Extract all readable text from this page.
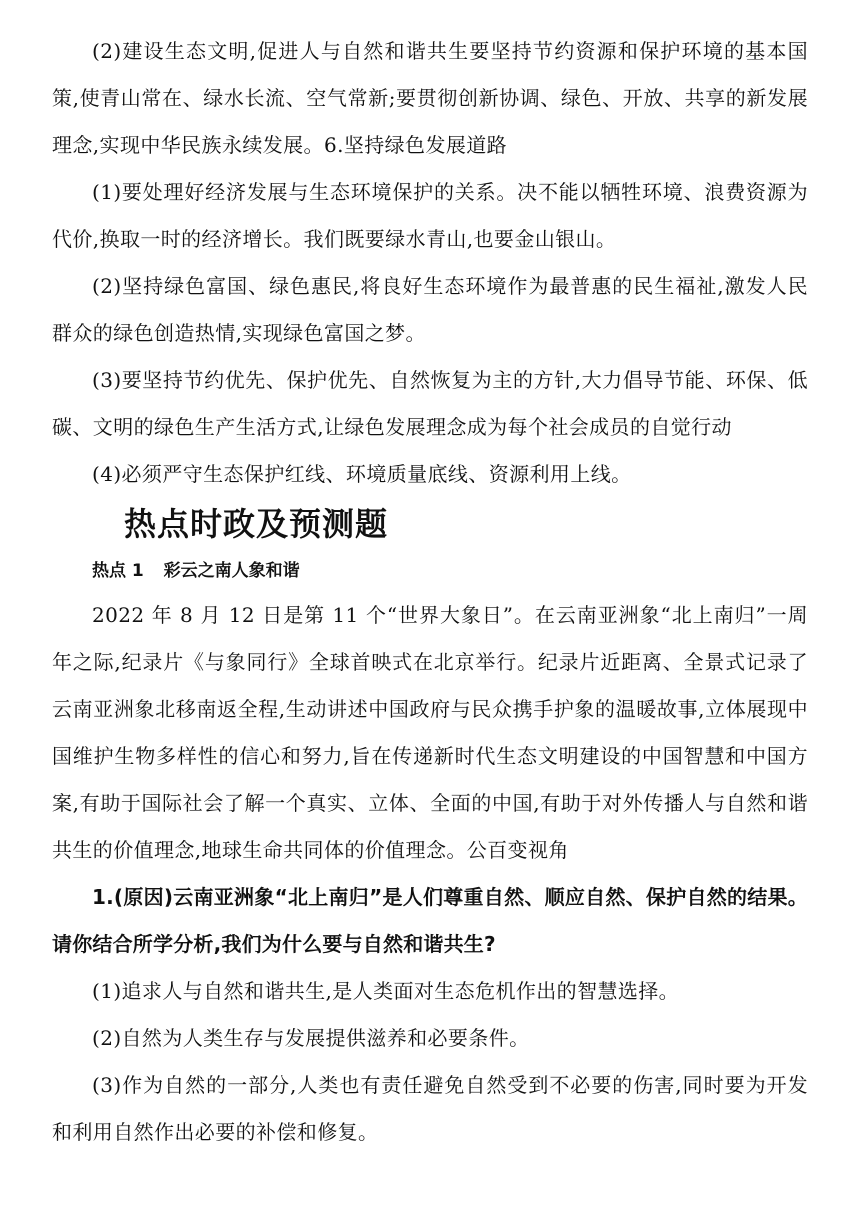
(2)建设生态文明,促进人与自然和谐共生要坚持节约资源和保护环境的基本国策,使青山常在、绿水长流、空气常新;要贯彻创新协调、绿色、开放、共享的新发展理念,实现中华民族永续发展。6.坚持绿色发展道路

(1)要处理好经济发展与生态环境保护的关系。决不能以牺牲环境、浪费资源为代价,换取一时的经济增长。我们既要绿水青山,也要金山银山。

(2)坚持绿色富国、绿色惠民,将良好生态环境作为最普惠的民生福祉,激发人民群众的绿色创造热情,实现绿色富国之梦。

(3)要坚持节约优先、保护优先、自然恢复为主的方针,大力倡导节能、环保、低碳、文明的绿色生产生活方式,让绿色发展理念成为每个社会成员的自觉行动

(4)必须严守生态保护红线、环境质量底线、资源利用上线。

热点时政及预测题
热点 1 彩云之南人象和谐

2022 年 8 月 12 日是第 11 个“世界大象日”。在云南亚洲象“北上南归”一周年之际,纪录片《与象同行》全球首映式在北京举行。纪录片近距离、全景式记录了云南亚洲象北移南返全程,生动讲述中国政府与民众携手护象的温暖故事,立体展现中国维护生物多样性的信心和努力,旨在传递新时代生态文明建设的中国智慧和中国方案,有助于国际社会了解一个真实、立体、全面的中国,有助于对外传播人与自然和谐共生的价值理念,地球生命共同体的价值理念。公百变视角

1.(原因)云南亚洲象“北上南归”是人们尊重自然、顺应自然、保护自然的结果。请你结合所学分析,我们为什么要与自然和谐共生?

(1)追求人与自然和谐共生,是人类面对生态危机作出的智慧选择。

(2)自然为人类生存与发展提供滋养和必要条件。

(3)作为自然的一部分,人类也有责任避免自然受到不必要的伤害,同时要为开发和利用自然作出必要的补偿和修复。
